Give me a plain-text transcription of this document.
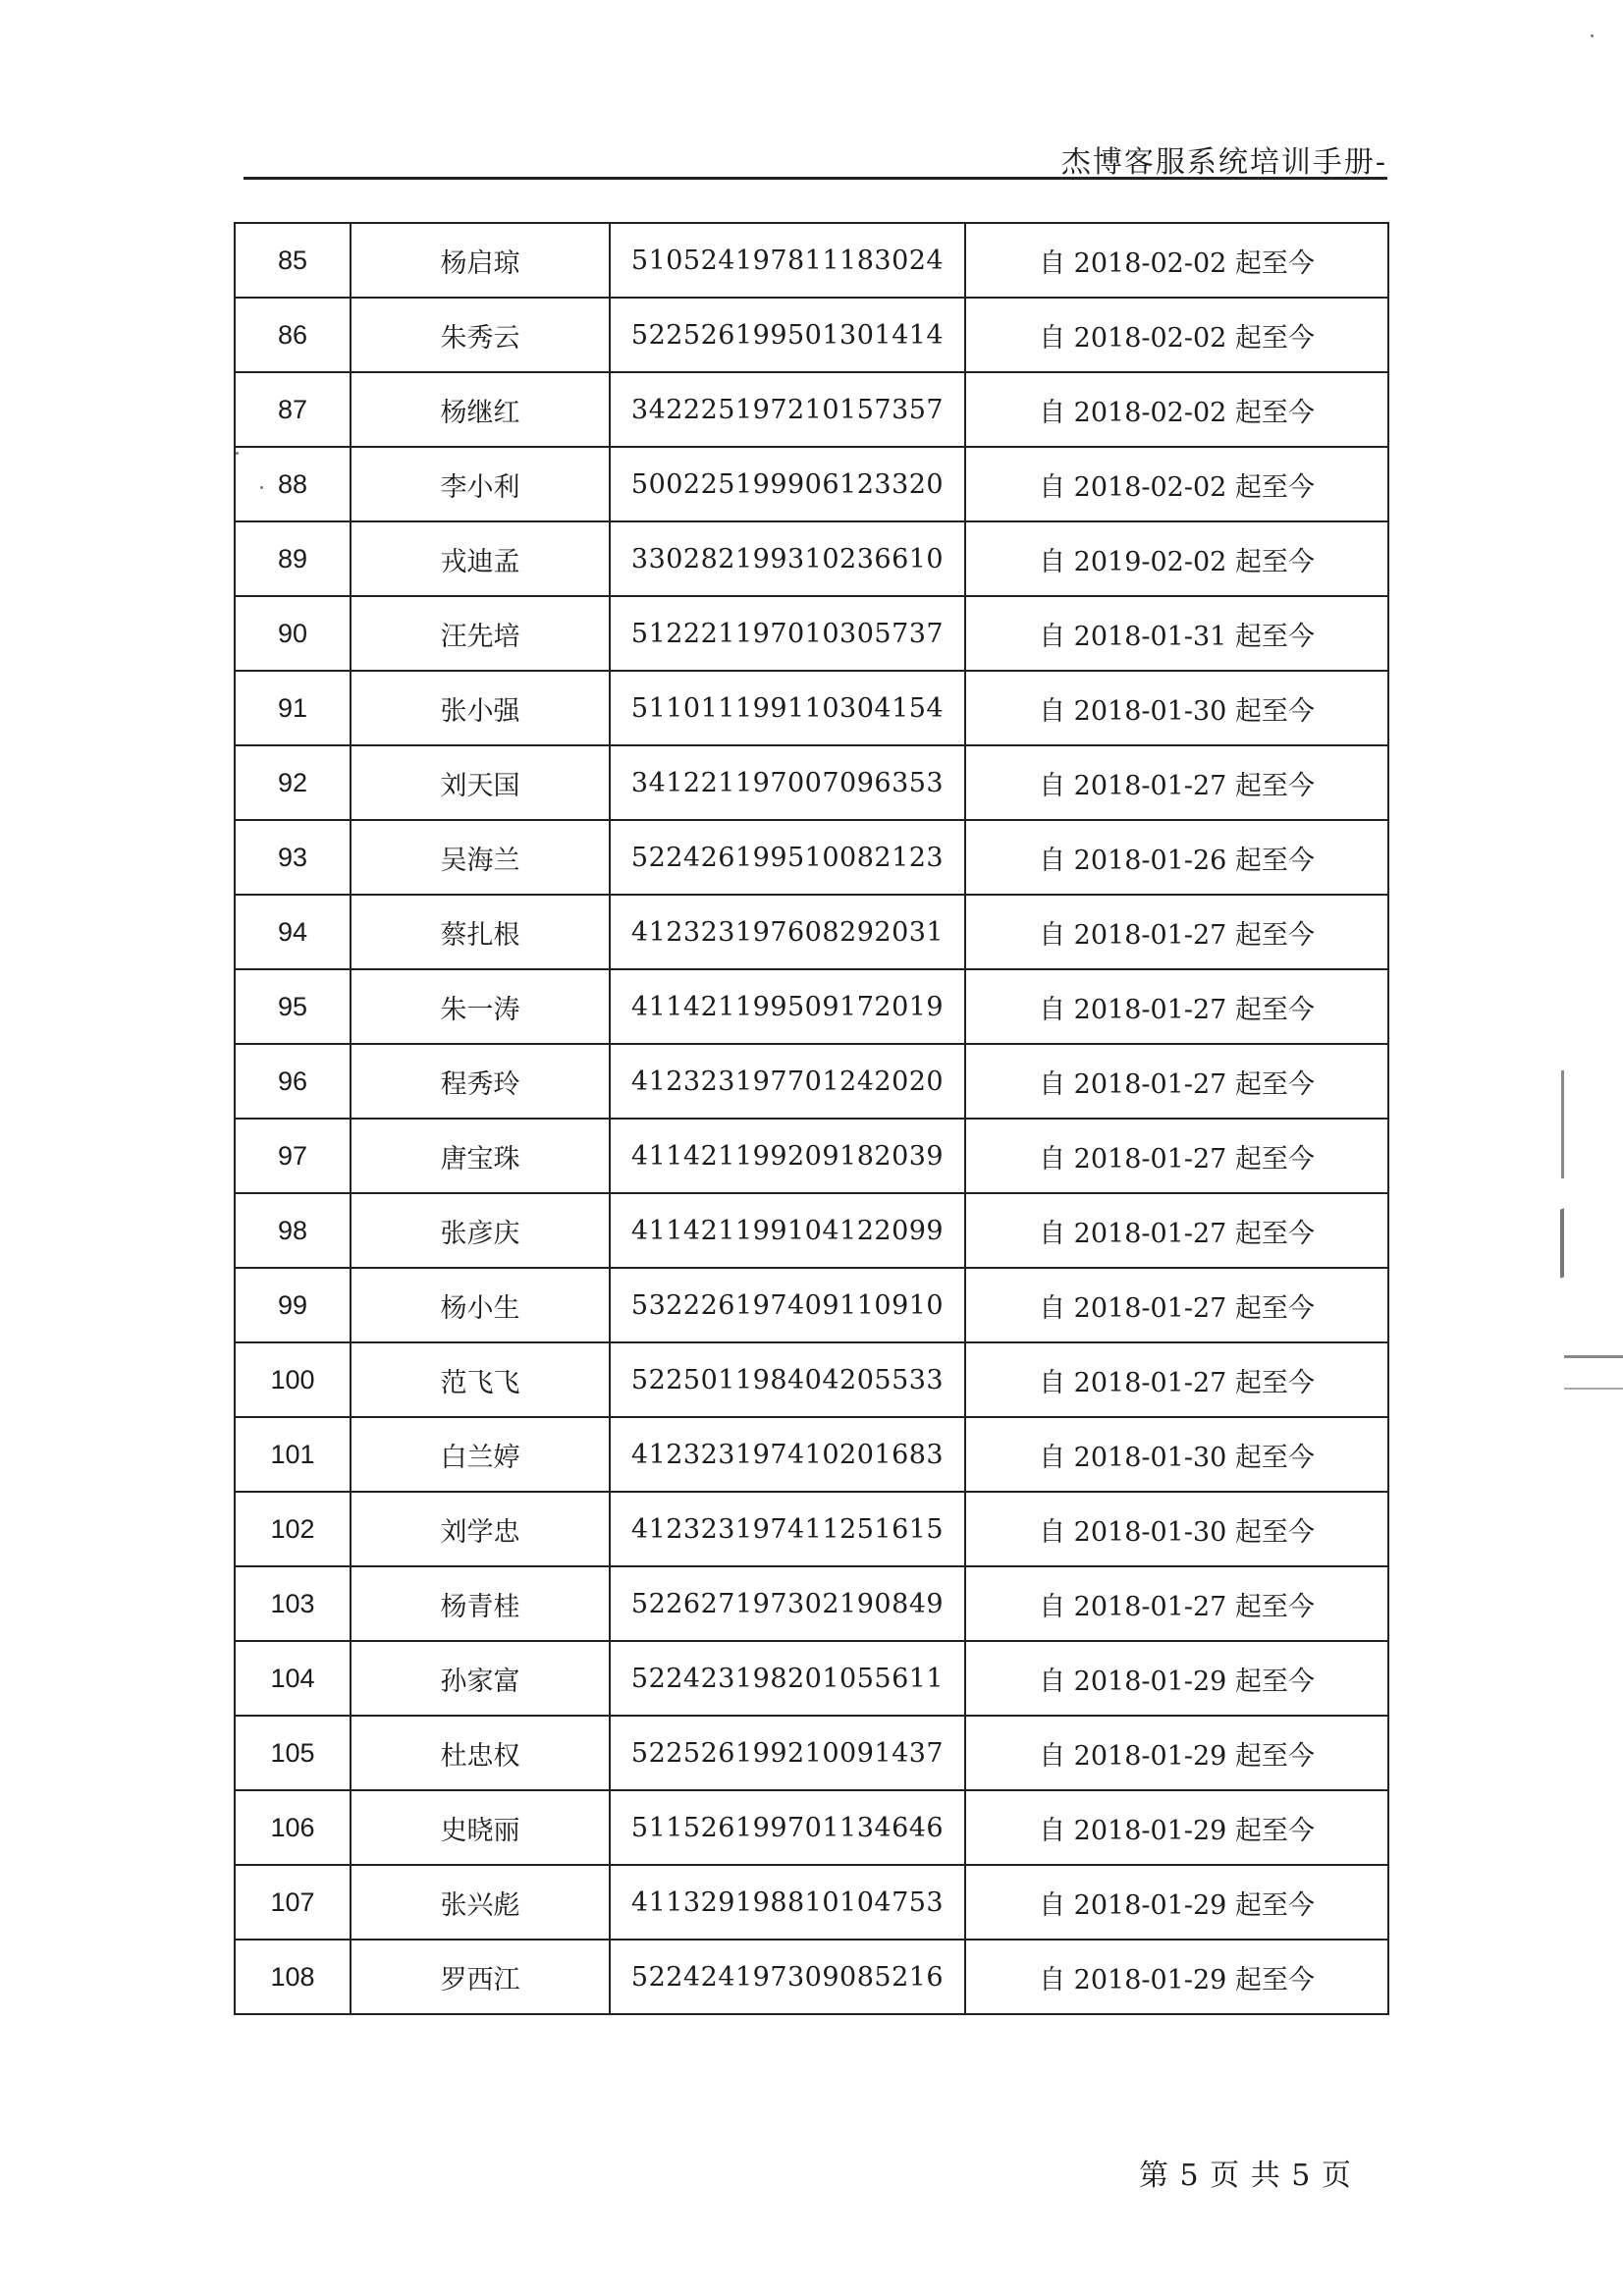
杰博客服系统培训手册-
85	杨启琼	510524197811183024	自 2018-02-02 起至今
86	朱秀云	522526199501301414	自 2018-02-02 起至今
87	杨继红	342225197210157357	自 2018-02-02 起至今
88	李小利	500225199906123320	自 2018-02-02 起至今
89	戎迪孟	330282199310236610	自 2019-02-02 起至今
90	汪先培	512221197010305737	自 2018-01-31 起至今
91	张小强	511011199110304154	自 2018-01-30 起至今
92	刘天国	341221197007096353	自 2018-01-27 起至今
93	吴海兰	522426199510082123	自 2018-01-26 起至今
94	蔡扎根	412323197608292031	自 2018-01-27 起至今
95	朱一涛	411421199509172019	自 2018-01-27 起至今
96	程秀玲	412323197701242020	自 2018-01-27 起至今
97	唐宝珠	411421199209182039	自 2018-01-27 起至今
98	张彦庆	411421199104122099	自 2018-01-27 起至今
99	杨小生	532226197409110910	自 2018-01-27 起至今
100	范飞飞	522501198404205533	自 2018-01-27 起至今
101	白兰婷	412323197410201683	自 2018-01-30 起至今
102	刘学忠	412323197411251615	自 2018-01-30 起至今
103	杨青桂	522627197302190849	自 2018-01-27 起至今
104	孙家富	522423198201055611	自 2018-01-29 起至今
105	杜忠权	522526199210091437	自 2018-01-29 起至今
106	史晓丽	511526199701134646	自 2018-01-29 起至今
107	张兴彪	411329198810104753	自 2018-01-29 起至今
108	罗西江	522424197309085216	自 2018-01-29 起至今
第 5 页 共 5 页
